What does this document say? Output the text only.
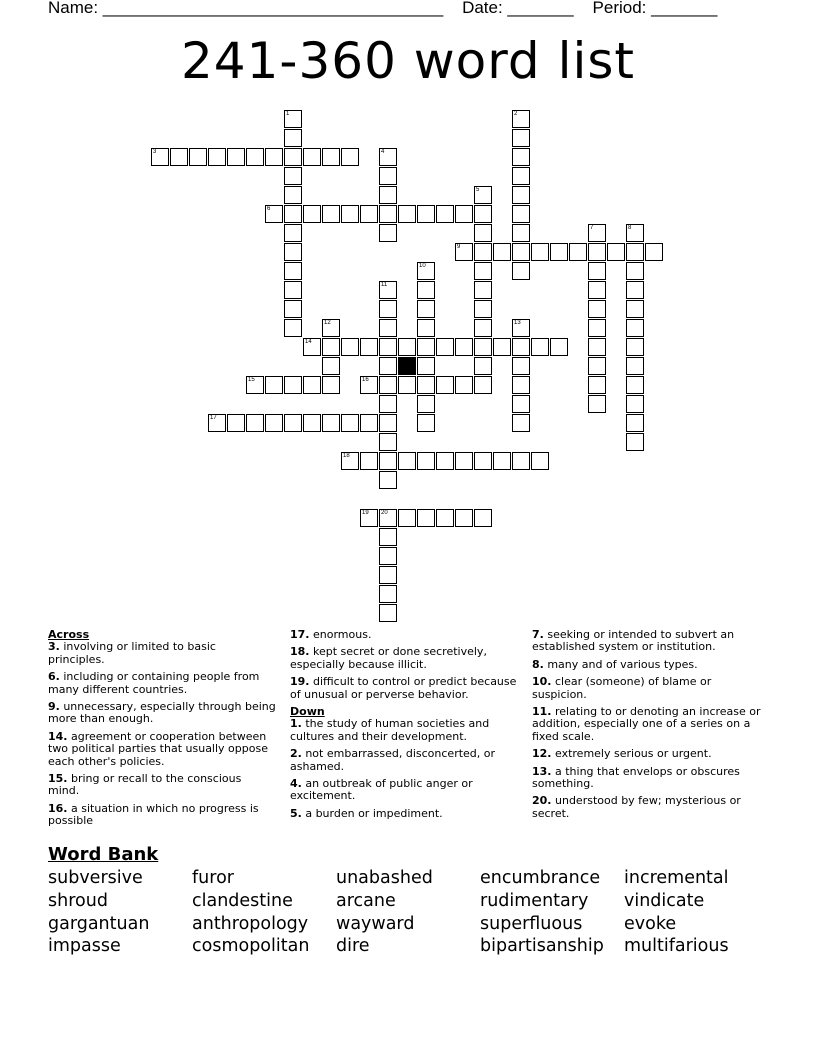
Name: ____________________________________ Date: _______ Period: _______
241-360 word list
3
6
9
14
15	16
17
18
19 20
1	2
4
5
7	8
10
11
12	13

Across

3. involving or limited to basic principles.

6. including or containing people from many different countries.

9. unnecessary, especially through being more than enough.

14. agreement or cooperation between two political parties that usually oppose each other's policies.

15. bring or recall to the conscious mind.

16. a situation in which no progress is possible

17. enormous.

18. kept secret or done secretively, especially because illicit.

19. difficult to control or predict because of unusual or perverse behavior.

Down

1. the study of human societies and cultures and their development.

2. not embarrassed, disconcerted, or ashamed.

4. an outbreak of public anger or excitement.

5. a burden or impediment.

7. seeking or intended to subvert an established system or institution.

8. many and of various types.

10. clear (someone) of blame or suspicion.

11. relating to or denoting an increase or addition, especially one of a series on a fixed scale.

12. extremely serious or urgent.

13. a thing that envelops or obscures something.

20. understood by few; mysterious or secret.

Word Bank
subversive
shroud
gargantuan
impasse
furor
clandestine
anthropology
cosmopolitan
unabashed
arcane
wayward
dire
encumbrance
rudimentary
superfluous
bipartisanship
incremental
vindicate
evoke
multifarious
